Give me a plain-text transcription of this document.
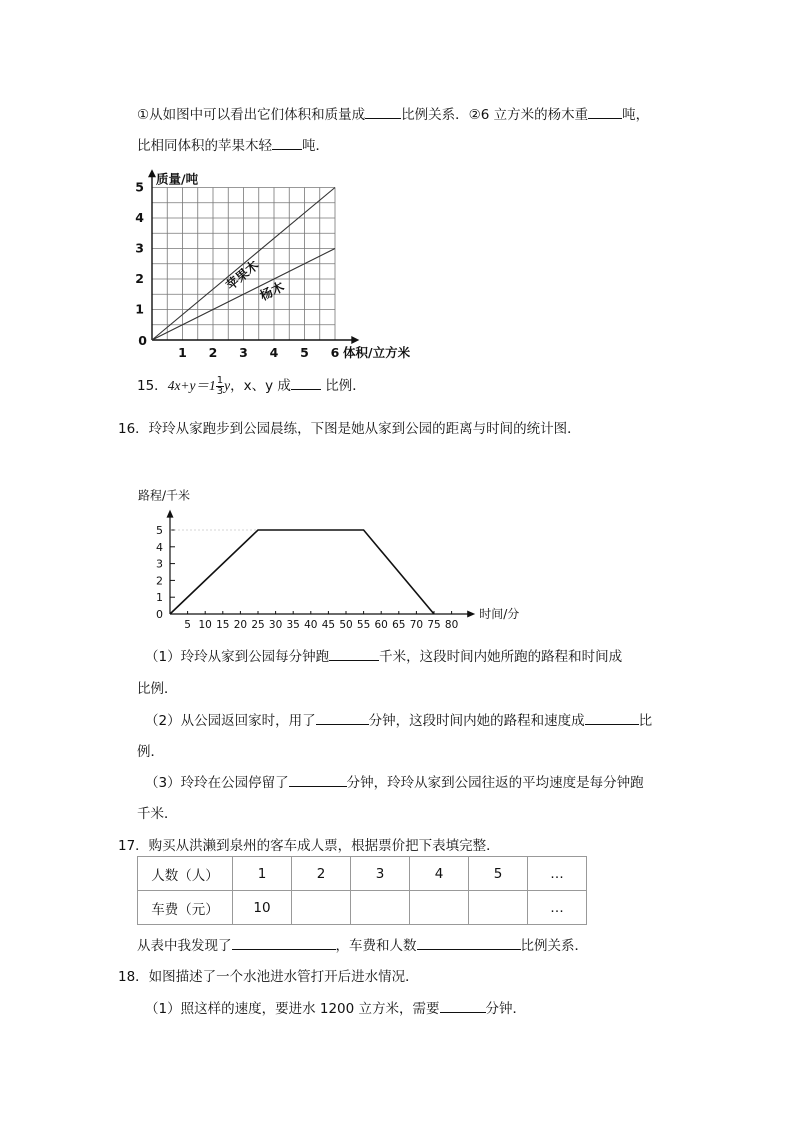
①从如图中可以看出它们体积和质量成	比例关系．②6 立方米的杨木重	吨，
比相同体积的苹果木轻 吨．
苹果木
杨木
0
1 2 3 4 5 6
1
2
3
4
5
体积/立方米
质量/吨
15．$4x+y=1 \frac{1}{3}$ y，x、y 成 比例．
16．玲玲从家跑步到公园晨练，下图是她从家到公园的距离与时间的统计图．
0
1
2
3
4
5
5 10 15 20 25 30 35 40 45 50 55 60 65 70 75 80
路程/千米
时间/分
（1）玲玲从家到公园每分钟跑	千米，这段时间内她所跑的路程和时间成
比例．
（2）从公园返回家时，用了	分钟，这段时间内她的路程和速度成	比
例．
（3）玲玲在公园停留了	分钟，玲玲从家到公园往返的平均速度是每分钟跑
千米．
17．购买从洪濑到泉州的客车成人票，根据票价把下表填完整．
人数（人）	1	2	3	4	5	…
车费（元）	10					…
从表中我发现了	，车费和人数	比例关系．
18．如图描述了一个水池进水管打开后进水情况．
（1）照这样的速度，要进水 1200 立方米，需要	分钟．
